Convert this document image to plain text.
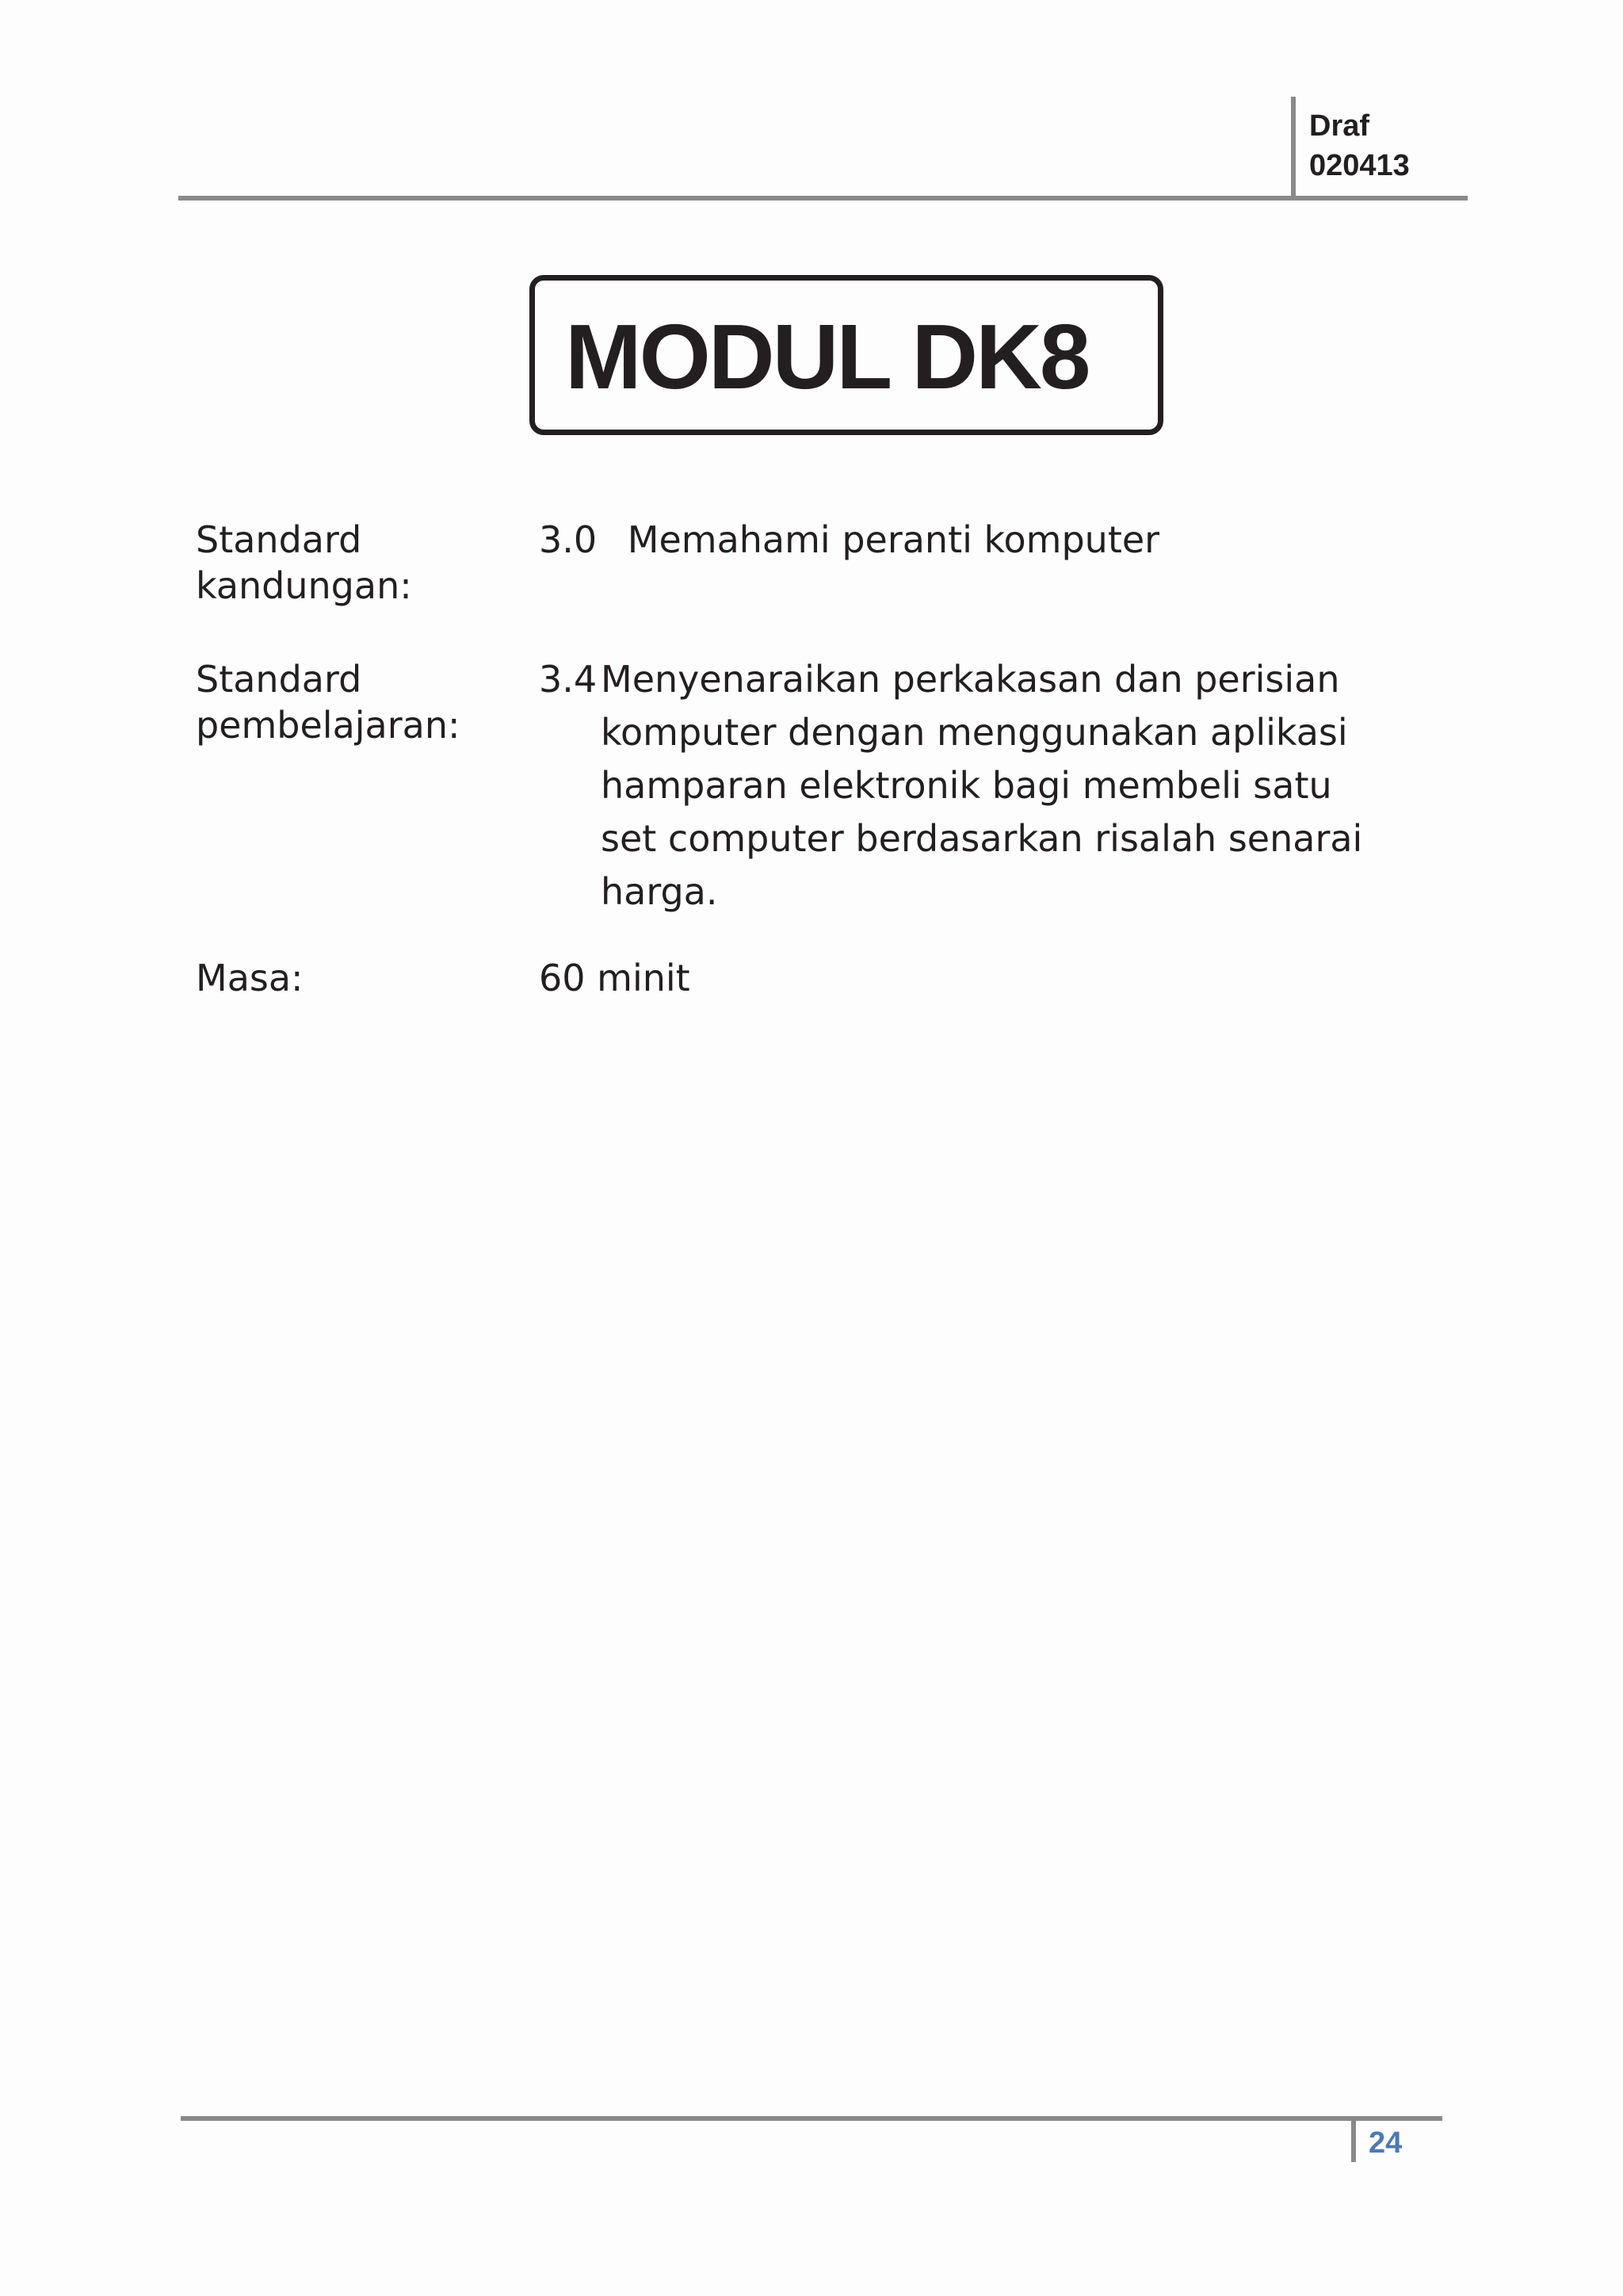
Draf
020413
MODUL DK8
Standard
kandungan:
3.0 Memahami peranti komputer
Standard
pembelajaran:
3.4 Menyenaraikan perkakasan dan perisian
komputer dengan menggunakan aplikasi
hamparan elektronik bagi membeli satu
set computer berdasarkan risalah senarai
harga.
Masa:	60 minit
24
